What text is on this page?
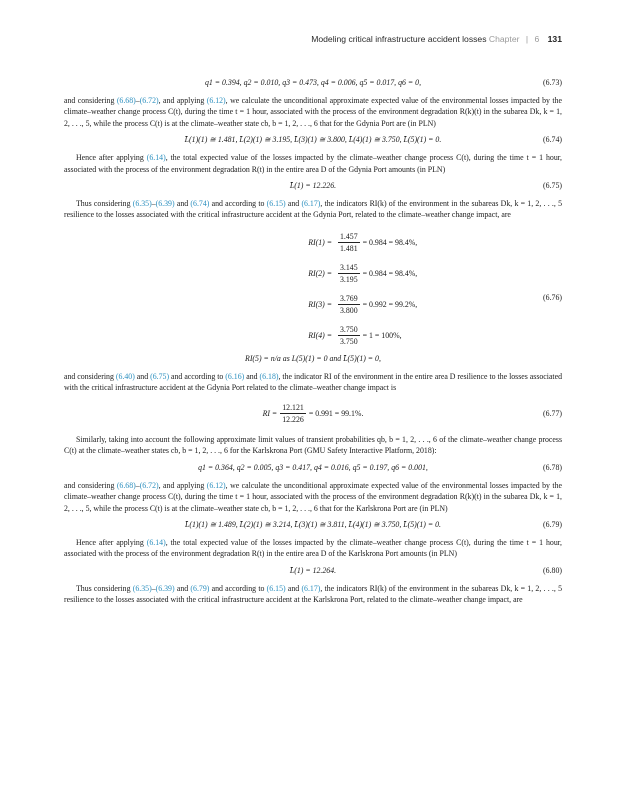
Modeling critical infrastructure accident losses Chapter | 6 131
q1 = 0.394, q2 = 0.010, q3 = 0.473, q4 = 0.006, q5 = 0.017, q6 = 0,	(6.73)

and considering (6.68)–(6.72), and applying (6.12), we calculate the unconditional approximate expected value of the environmental losses impacted by the climate–weather change process C(t), during the time t = 1 hour, associated with the process of the environment degradation R(k)(t) in the subarea Dk, k = 1, 2, . . ., 5, while the process C(t) is at the climate–weather state cb, b = 1, 2, . . ., 6 that for the Gdynia Port are (in PLN)

L̄(1)(1) ≅ 1.481, L̄(2)(1) ≅ 3.195, L̄(3)(1) ≅ 3.800, L̄(4)(1) ≅ 3.750, L̄(5)(1) = 0.	(6.74)

Hence after applying (6.14), the total expected value of the losses impacted by the climate–weather change process C(t), during the time t = 1 hour, associated with the process of the environment degradation R(t) in the entire area D of the Gdynia Port amounts (in PLN)

L̄(1) = 12.226.	(6.75)

Thus considering (6.35)–(6.39) and (6.74) and according to (6.15) and (6.17), the indicators RI(k) of the environment in the subareas Dk, k = 1, 2, . . ., 5 resilience to the losses associated with the critical infrastructure accident at the Gdynia Port, related to the climate–weather change impact, are

(6.76)
$RI(1) = \frac{1.457}{1.481} = 0.984 = 98.4\%$,
$RI(2) = \frac{3.145}{3.195} = 0.984 = 98.4\%$,
$RI(3) = \frac{3.769}{3.800} = 0.992 = 99.2\%$,
$RI(4) = \frac{3.750}{3.750} = 1 = 100\%$,
RI(5) = n/a as L(5)(1) = 0 and L̄(5)(1) = 0,

and considering (6.40) and (6.75) and according to (6.16) and (6.18), the indicator RI of the environment in the entire area D resilience to the losses associated with the critical infrastructure accident at the Gdynia Port related to the climate–weather change impact is

RI = $\frac{12.121}{12.226} = 0.991 = 99.1\%$.	(6.77)

Similarly, taking into account the following approximate limit values of transient probabilities qb, b = 1, 2, . . ., 6 of the climate–weather change process C(t) at the climate–weather states cb, b = 1, 2, . . ., 6 for the Karlskrona Port (GMU Safety Interactive Platform, 2018):

q1 = 0.364, q2 = 0.005, q3 = 0.417, q4 = 0.016, q5 = 0.197, q6 = 0.001,	(6.78)

and considering (6.68)–(6.72), and applying (6.12), we calculate the unconditional approximate expected value of the environmental losses impacted by the climate–weather change process C(t), during the time t = 1 hour, associated with the process of the environment degradation R(k)(t) in the subarea Dk, k = 1, 2, . . ., 5, while the process C(t) is at the climate–weather state cb, b = 1, 2, . . ., 6 that for the Karlskrona Port are (in PLN)

L̄(1)(1) ≅ 1.489, L̄(2)(1) ≅ 3.214, L̄(3)(1) ≅ 3.811, L̄(4)(1) ≅ 3.750, L̄(5)(1) = 0.	(6.79)

Hence after applying (6.14), the total expected value of the losses impacted by the climate–weather change process C(t), during the time t = 1 hour, associated with the process of the environment degradation R(t) in the entire area D of the Karlskrona Port amounts (in PLN)

L̄(1) = 12.264.	(6.80)

Thus considering (6.35)–(6.39) and (6.79) and according to (6.15) and (6.17), the indicators RI(k) of the environment in the subareas Dk, k = 1, 2, . . ., 5 resilience to the losses associated with the critical infrastructure accident at the Karlskrona Port, related to the climate–weather change impact, are
